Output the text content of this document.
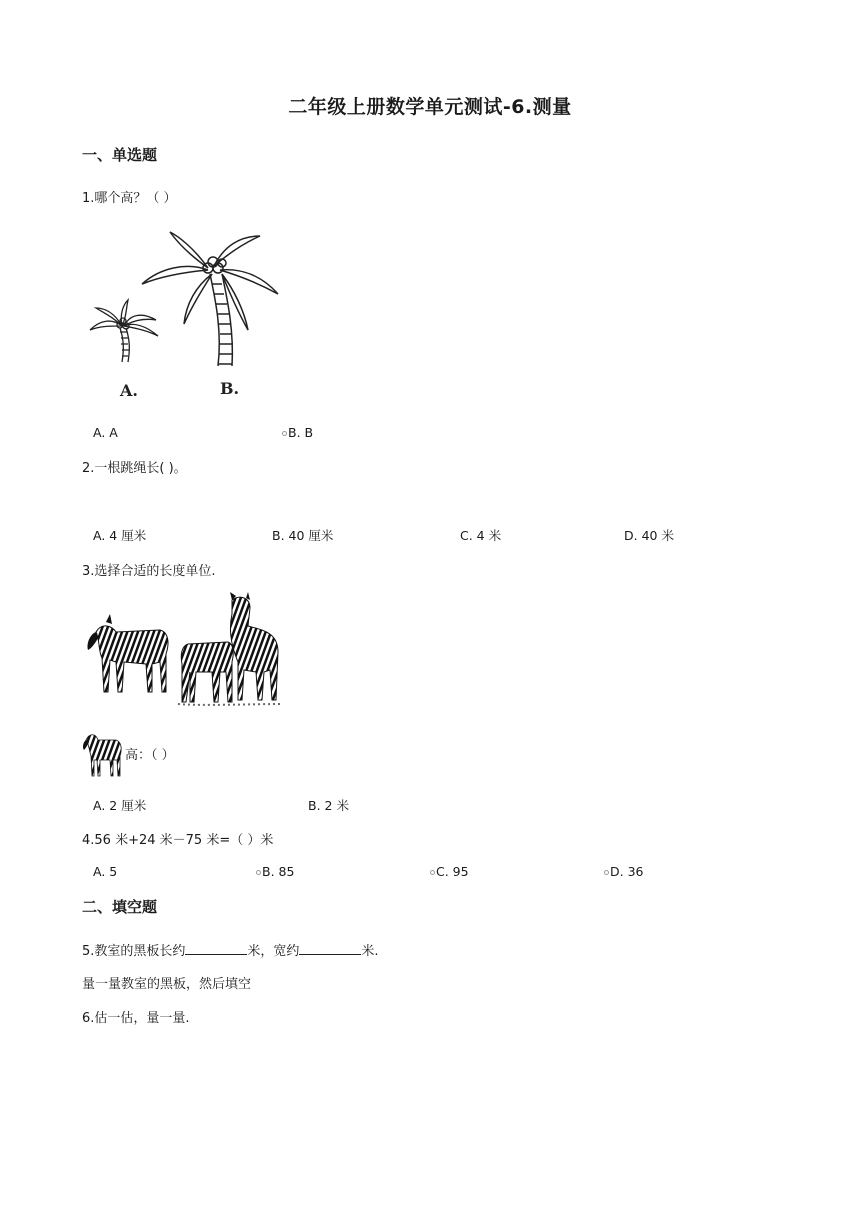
二年级上册数学单元测试-6.测量
一、单选题
1.哪个高？（ ）
A.	B.
A. A	B. B
2.一根跳绳长( )。
A. 4 厘米	B. 40 厘米	C. 4 米	D. 40 米
3.选择合适的长度单位.
高：（ ）
A. 2 厘米	B. 2 米
4.56 米+24 米－75 米=（ ）米
A. 5	B. 85	C. 95	D. 36
二、填空题
5.教室的黑板长约	米，宽约	米.
量一量教室的黑板，然后填空
6.估一估，量一量.
